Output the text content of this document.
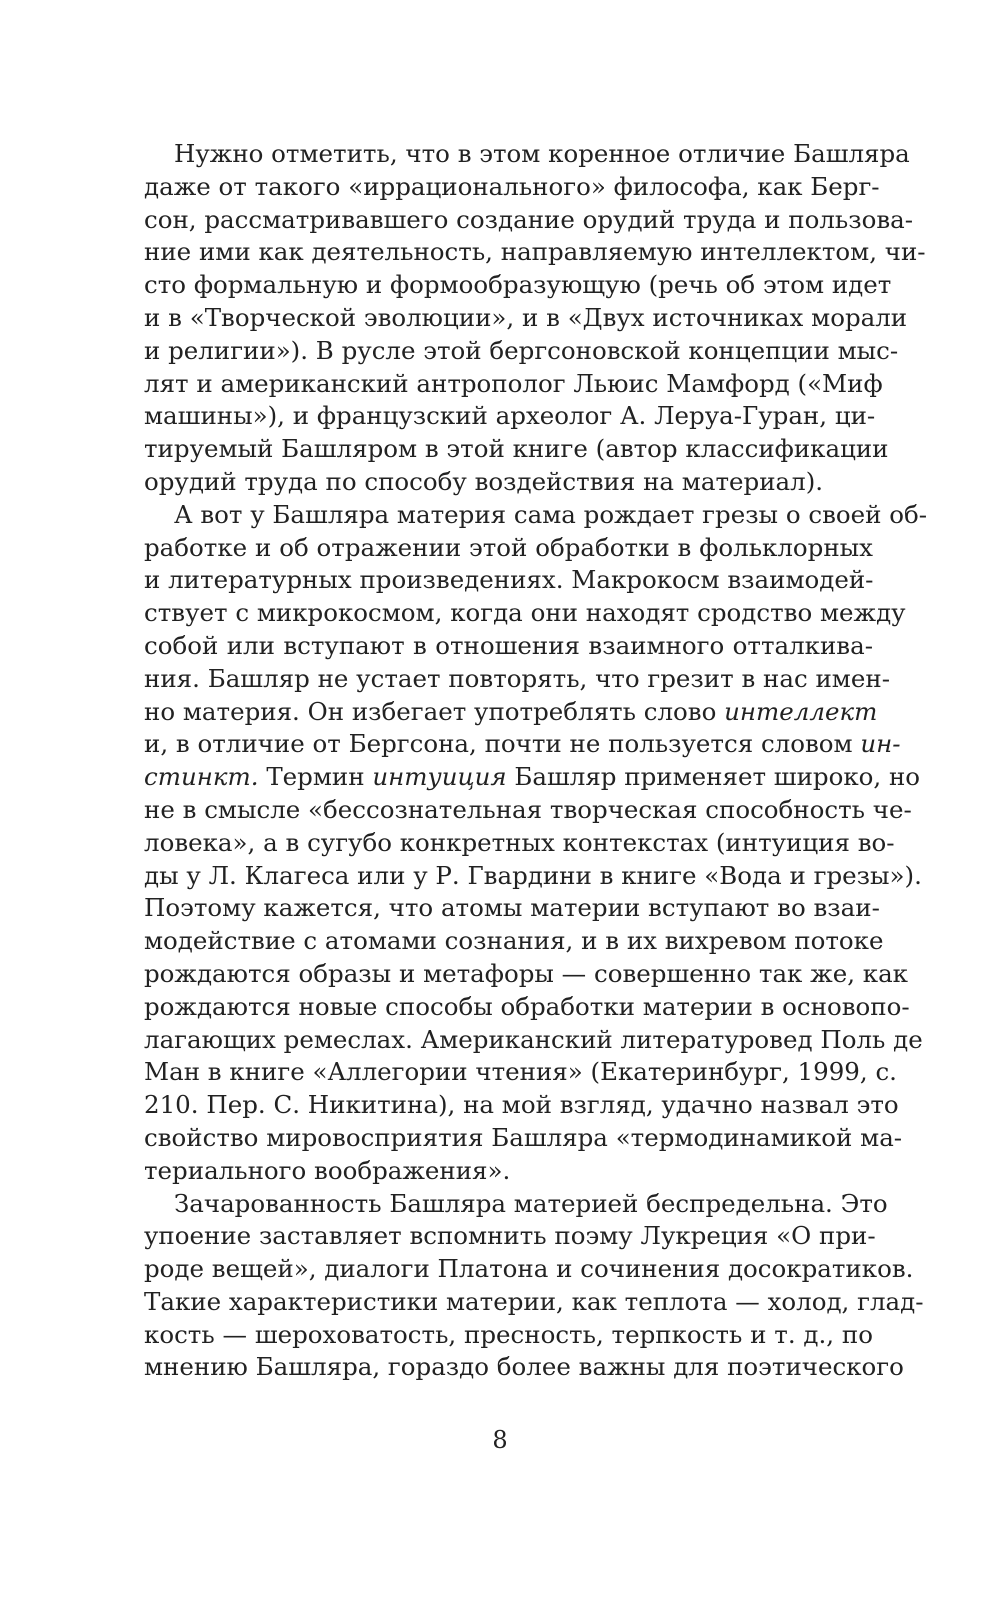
Нужно отметить, что в этом коренное отличие Башляра
даже от такого «иррационального» философа, как Берг-
сон, рассматривавшего создание орудий труда и пользова-
ние ими как деятельность, направляемую интеллектом, чи-
сто формальную и формообразующую (речь об этом идет
и в «Творческой эволюции», и в «Двух источниках морали
и религии»). В русле этой бергсоновской концепции мыс-
лят и американский антрополог Льюис Мамфорд («Миф
машины»), и французский археолог А. Леруа-Гуран, ци-
тируемый Башляром в этой книге (автор классификации
орудий труда по способу воздействия на материал).

А вот у Башляра материя сама рождает грезы о своей об-
работке и об отражении этой обработки в фольклорных
и литературных произведениях. Макрокосм взаимодей-
ствует с микрокосмом, когда они находят сродство между
собой или вступают в отношения взаимного отталкива-
ния. Башляр не устает повторять, что грезит в нас имен-
но материя. Он избегает употреблять слово интеллект
и, в отличие от Бергсона, почти не пользуется словом ин-
стинкт. Термин интуиция Башляр применяет широко, но
не в смысле «бессознательная творческая способность че-
ловека», а в сугубо конкретных контекстах (интуиция во-
ды у Л. Клагеса или у Р. Гвардини в книге «Вода и грезы»).
Поэтому кажется, что атомы материи вступают во взаи-
модействие с атомами сознания, и в их вихревом потоке
рождаются образы и метафоры — совершенно так же, как
рождаются новые способы обработки материи в основопо-
лагающих ремеслах. Американский литературовед Поль де
Ман в книге «Аллегории чтения» (Екатеринбург, 1999, с.
210. Пер. С. Никитина), на мой взгляд, удачно назвал это
свойство мировосприятия Башляра «термодинамикой ма-
териального воображения».

Зачарованность Башляра материей беспредельна. Это
упоение заставляет вспомнить поэму Лукреция «О при-
роде вещей», диалоги Платона и сочинения досократиков.
Такие характеристики материи, как теплота — холод, глад-
кость — шероховатость, пресность, терпкость и т. д., по
мнению Башляра, гораздо более важны для поэтического

8
